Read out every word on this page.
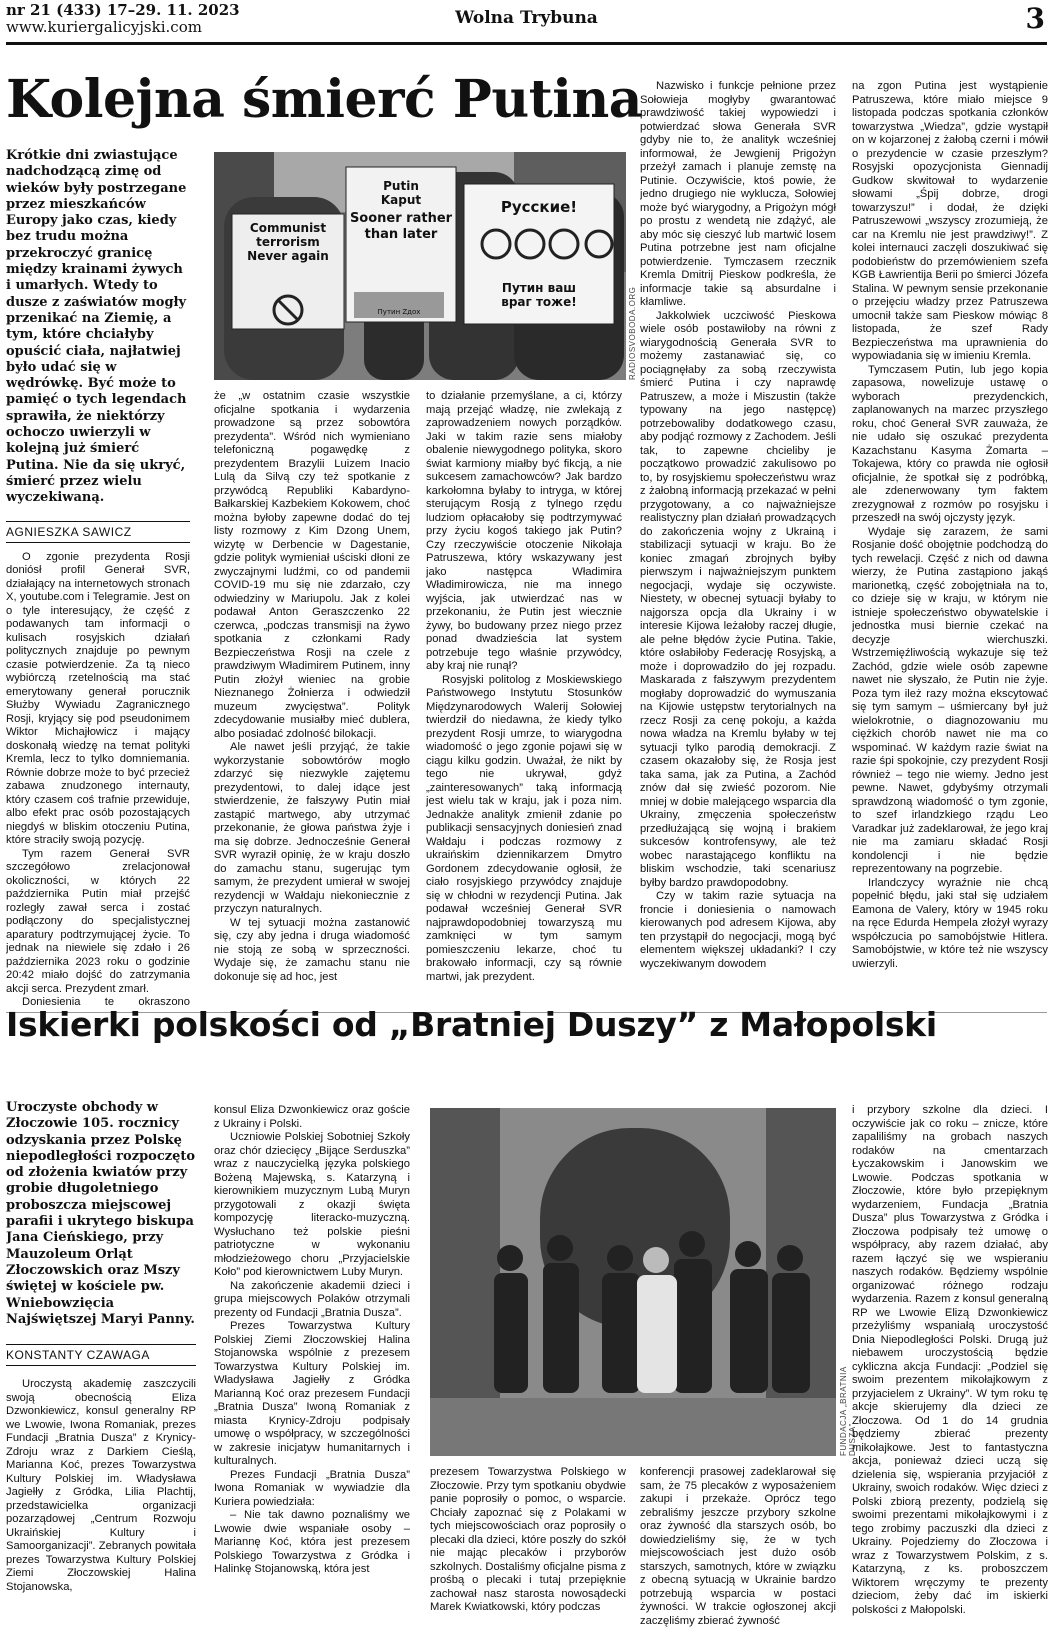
nr 21 (433) 17–29. 11. 2023
www.kuriergalicyjski.com	Wolna Trybuna	3
Kolejna śmierć Putina
Krótkie dni zwiastujące nadchodzącą zimę od wieków były postrzegane przez mieszkańców Europy jako czas, kiedy bez trudu można przekroczyć granicę między krainami żywych i umarłych. Wtedy to dusze z zaświatów mogły przenikać na Ziemię, a tym, które chciałyby opuścić ciała, najłatwiej było udać się w wędrówkę. Być może to pamięć o tych legendach sprawiła, że niektórzy ochoczo uwierzyli w kolejną już śmierć Putina. Nie da się ukryć, śmierć przez wielu wyczekiwaną.
AGNIESZKA SAWICZ

O zgonie prezydenta Rosji doniósł profil Generał SVR, działający na internetowych stronach X, youtube.com i Telegramie. Jest on o tyle interesujący, że część z podawanych tam informacji o kulisach rosyjskich działań politycznych znajduje po pewnym czasie potwierdzenie. Za tą nieco wybiórczą rzetelnością ma stać emerytowany generał porucznik Służby Wywiadu Zagranicznego Rosji, kryjący się pod pseudonimem Wiktor Michajłowicz i mający doskonałą wiedzę na temat polityki Kremla, lecz to tylko domniemania. Równie dobrze może to być przecież zabawa znudzonego internauty, który czasem coś trafnie przewiduje, albo efekt prac osób pozostających niegdyś w bliskim otoczeniu Putina, które straciły swoją pozycję.

Tym razem Generał SVR szczegółowo zrelacjonował okoliczności, w których 22 października Putin miał przejść rozległy zawał serca i zostać podłączony do specjalistycznej aparatury podtrzymującej życie. To jednak na niewiele się zdało i 26 października 2023 roku o godzinie 20:42 miało dojść do zatrzymania akcji serca. Prezydent zmarł.

Doniesienia te okraszono

Communist terrorism Never again
Putin Kaput Sooner rather than later
Русские!
Путин ваш враг тоже!
Путин Zдох	RADIOSVOBODA.ORG

że „w ostatnim czasie wszystkie oficjalne spotkania i wydarzenia prowadzone są przez sobowtóra prezydenta”. Wśród nich wymieniano telefoniczną pogawędkę z prezydentem Brazylii Luizem Inacio Lulą da Silvą czy też spotkanie z przywódcą Republiki Kabardyno-Bałkarskiej Kazbekiem Kokowem, choć można byłoby zapewne dodać do tej listy rozmowy z Kim Dzong Unem, wizytę w Derbencie w Dagestanie, gdzie polityk wymieniał uściski dłoni ze zwyczajnymi ludźmi, co od pandemii COVID-19 mu się nie zdarzało, czy odwiedziny w Mariupolu. Jak z kolei podawał Anton Geraszczenko 22 czerwca, „podczas transmisji na żywo spotkania z członkami Rady Bezpieczeństwa Rosji na czele z prawdziwym Władimirem Putinem, inny Putin złożył wieniec na grobie Nieznanego Żołnierza i odwiedził muzeum zwycięstwa”. Polityk zdecydowanie musiałby mieć dublera, albo posiadać zdolność bilokacji.

Ale nawet jeśli przyjąć, że takie wykorzystanie sobowtórów mogło zdarzyć się niezwykle zajętemu prezydentowi, to dalej idące jest stwierdzenie, że fałszywy Putin miał zastąpić martwego, aby utrzymać przekonanie, że głowa państwa żyje i ma się dobrze. Jednocześnie Generał SVR wyraził opinię, że w kraju doszło do zamachu stanu, sugerując tym samym, że prezydent umierał w swojej rezydencji w Wałdaju niekoniecznie z przyczyn naturalnych.

W tej sytuacji można zastanowić się, czy aby jedna i druga wiadomość nie stoją ze sobą w sprzeczności. Wydaje się, że zamachu stanu nie dokonuje się ad hoc, jest

to działanie przemyślane, a ci, którzy mają przejąć władzę, nie zwlekają z zaprowadzeniem nowych porządków. Jaki w takim razie sens miałoby obalenie niewygodnego polityka, skoro świat karmiony miałby być fikcją, a nie sukcesem zamachowców? Jak bardzo karkołomna byłaby to intryga, w której sterującym Rosją z tylnego rzędu ludziom opłacałoby się podtrzymywać przy życiu kogoś takiego jak Putin? Czy rzeczywiście otoczenie Nikołaja Patruszewa, który wskazywany jest jako następca Władimira Władimirowicza, nie ma innego wyjścia, jak utwierdzać nas w przekonaniu, że Putin jest wiecznie żywy, bo budowany przez niego przez ponad dwadzieścia lat system potrzebuje tego właśnie przywódcy, aby kraj nie runął?

Rosyjski politolog z Moskiewskiego Państwowego Instytutu Stosunków Międzynarodowych Walerij Sołowiej twierdził do niedawna, że kiedy tylko prezydent Rosji umrze, to wiarygodna wiadomość o jego zgonie pojawi się w ciągu kilku godzin. Uważał, że nikt by tego nie ukrywał, gdyż „zainteresowanych” taką informacją jest wielu tak w kraju, jak i poza nim. Jednakże analityk zmienił zdanie po publikacji sensacyjnych doniesień znad Wałdaju i podczas rozmowy z ukraińskim dziennikarzem Dmytro Gordonem zdecydowanie ogłosił, że ciało rosyjskiego przywódcy znajduje się w chłodni w rezydencji Putina. Jak podawał wcześniej Generał SVR najprawdopodobniej towarzyszą mu zamknięci w tym samym pomieszczeniu lekarze, choć tu brakowało informacji, czy są równie martwi, jak prezydent.

Nazwisko i funkcje pełnione przez Sołowieja mogłyby gwarantować prawdziwość takiej wypowiedzi i potwierdzać słowa Generała SVR gdyby nie to, że analityk wcześniej informował, że Jewgienij Prigożyn przeżył zamach i planuje zemstę na Putinie. Oczywiście, ktoś powie, że jedno drugiego nie wyklucza, Sołowiej może być wiarygodny, a Prigożyn mógł po prostu z wendetą nie zdążyć, ale aby móc się cieszyć lub martwić losem Putina potrzebne jest nam oficjalne potwierdzenie. Tymczasem rzecznik Kremla Dmitrij Pieskow podkreśla, że informacje takie są absurdalne i kłamliwe.

Jakkolwiek uczciwość Pieskowa wiele osób postawiłoby na równi z wiarygodnością Generała SVR to możemy zastanawiać się, co pociągnęłaby za sobą rzeczywista śmierć Putina i czy naprawdę Patruszew, a może i Miszustin (także typowany na jego następcę) potrzebowaliby dodatkowego czasu, aby podjąć rozmowy z Zachodem. Jeśli tak, to zapewne chcieliby je początkowo prowadzić zakulisowo po to, by rosyjskiemu społeczeństwu wraz z żałobną informacją przekazać w pełni przygotowany, a co najważniejsze realistyczny plan działań prowadzących do zakończenia wojny z Ukrainą i stabilizacji sytuacji w kraju. Bo że koniec zmagań zbrojnych byłby pierwszym i najważniejszym punktem negocjacji, wydaje się oczywiste. Niestety, w obecnej sytuacji byłaby to najgorsza opcja dla Ukrainy i w interesie Kijowa leżałoby raczej długie, ale pełne błędów życie Putina. Takie, które osłabiłoby Federację Rosyjską, a może i doprowadziło do jej rozpadu. Maskarada z fałszywym prezydentem mogłaby doprowadzić do wymuszania na Kijowie ustępstw terytorialnych na rzecz Rosji za cenę pokoju, a każda nowa władza na Kremlu byłaby w tej sytuacji tylko parodią demokracji. Z czasem okazałoby się, że Rosja jest taka sama, jak za Putina, a Zachód znów dał się zwieść pozorom. Nie mniej w dobie malejącego wsparcia dla Ukrainy, zmęczenia społeczeństw przedłużającą się wojną i brakiem sukcesów kontrofensywy, ale też wobec narastającego konfliktu na bliskim wschodzie, taki scenariusz byłby bardzo prawdopodobny.

Czy w takim razie sytuacja na froncie i doniesienia o namowach kierowanych pod adresem Kijowa, aby ten przystąpił do negocjacji, mogą być elementem większej układanki? I czy wyczekiwanym dowodem

na zgon Putina jest wystąpienie Patruszewa, które miało miejsce 9 listopada podczas spotkania członków towarzystwa „Wiedza”, gdzie wystąpił on w kojarzonej z żałobą czerni i mówił o prezydencie w czasie przeszłym? Rosyjski opozycjonista Giennadij Gudkow skwitował to wydarzenie słowami „Śpij dobrze, drogi towarzyszu!” i dodał, że dzięki Patruszewowi „wszyscy zrozumieją, że car na Kremlu nie jest prawdziwy!”. Z kolei internauci zaczęli doszukiwać się podobieństw do przemówieniem szefa KGB Ławrientija Berii po śmierci Józefa Stalina. W pewnym sensie przekonanie o przejęciu władzy przez Patruszewa umocnił także sam Pieskow mówiąc 8 listopada, że szef Rady Bezpieczeństwa ma uprawnienia do wypowiadania się w imieniu Kremla.

Tymczasem Putin, lub jego kopia zapasowa, nowelizuje ustawę o wyborach prezydenckich, zaplanowanych na marzec przyszłego roku, choć Generał SVR zauważa, że nie udało się oszukać prezydenta Kazachstanu Kasyma Żomarta – Tokajewa, który co prawda nie ogłosił oficjalnie, że spotkał się z podróbką, ale zdenerwowany tym faktem zrezygnował z rozmów po rosyjsku i przeszedł na swój ojczysty język.

Wydaje się zarazem, że sami Rosjanie dość obojętnie podchodzą do tych rewelacji. Część z nich od dawna wierzy, że Putina zastąpiono jakąś marionetką, część zobojętniała na to, co dzieje się w kraju, w którym nie istnieje społeczeństwo obywatelskie i jednostka musi biernie czekać na decyzje wierchuszki. Wstrzemięźliwością wykazuje się też Zachód, gdzie wiele osób zapewne nawet nie słyszało, że Putin nie żyje. Poza tym ileż razy można ekscytować się tym samym – uśmiercany był już wielokrotnie, o diagnozowaniu mu ciężkich chorób nawet nie ma co wspominać. W każdym razie świat na razie śpi spokojnie, czy prezydent Rosji również – tego nie wiemy. Jedno jest pewne. Nawet, gdybyśmy otrzymali sprawdzoną wiadomość o tym zgonie, to szef irlandzkiego rządu Leo Varadkar już zadeklarował, że jego kraj nie ma zamiaru składać Rosji kondolencji i nie będzie reprezentowany na pogrzebie.

Irlandczycy wyraźnie nie chcą popełnić błędu, jaki stał się udziałem Eamona de Valery, który w 1945 roku na ręce Edurda Hempela złożył wyrazy współczucia po samobójstwie Hitlera. Samobójstwie, w które też nie wszyscy uwierzyli.

Iskierki polskości od „Bratniej Duszy” z Małopolski
Uroczyste obchody w Złoczowie 105. rocznicy odzyskania przez Polskę niepodległości rozpoczęto od złożenia kwiatów przy grobie długoletniego proboszcza miejscowej parafii i ukrytego biskupa Jana Cieńskiego, przy Mauzoleum Orląt Złoczowskich oraz Mszy świętej w kościele pw. Wniebowzięcia Najświętszej Maryi Panny.
KONSTANTY CZAWAGA

Uroczystą akademię zaszczycili swoją obecnością Eliza Dzwonkiewicz, konsul generalny RP we Lwowie, Iwona Romaniak, prezes Fundacji „Bratnia Dusza” z Krynicy-Zdroju wraz z Darkiem Cieślą, Marianna Koć, prezes Towarzystwa Kultury Polskiej im. Władysława Jagiełły z Gródka, Lilia Plachtij, przedstawicielka organizacji pozarządowej „Centrum Rozwoju Ukraińskiej Kultury i Samoorganizacji”. Zebranych powitała prezes Towarzystwa Kultury Polskiej Ziemi Złoczowskiej Halina Stojanowska,

konsul Eliza Dzwonkiewicz oraz goście z Ukrainy i Polski.

Uczniowie Polskiej Sobotniej Szkoły oraz chór dziecięcy „Bijące Serduszka” wraz z nauczycielką języka polskiego Bożeną Majewską, s. Katarzyną i kierownikiem muzycznym Lubą Muryn przygotowali z okazji święta kompozycję literacko-muzyczną. Wysłuchano też polskie pieśni patriotyczne w wykonaniu młodzieżowego choru „Przyjacielskie Koło” pod kierownictwem Luby Muryn.

Na zakończenie akademii dzieci i grupa miejscowych Polaków otrzymali prezenty od Fundacji „Bratnia Dusza”.

Prezes Towarzystwa Kultury Polskiej Ziemi Złoczowskiej Halina Stojanowska wspólnie z prezesem Towarzystwa Kultury Polskiej im. Władysława Jagiełły z Gródka Marianną Koć oraz prezesem Fundacji „Bratnia Dusza” Iwoną Romaniak z miasta Krynicy-Zdroju podpisały umowę o współpracy, w szczególności w zakresie inicjatyw humanitarnych i kulturalnych.

Prezes Fundacji „Bratnia Dusza” Iwona Romaniak w wywiadzie dla Kuriera powiedziała:

– Nie tak dawno poznaliśmy we Lwowie dwie wspaniałe osoby – Mariannę Koć, która jest prezesem Polskiego Towarzystwa z Gródka i Halinkę Stojanowską, która jest

FUNDACJA „BRATNIA DUSZA”

prezesem Towarzystwa Polskiego w Złoczowie. Przy tym spotkaniu obydwie panie poprosiły o pomoc, o wsparcie. Chciały zapoznać się z Polakami w tych miejscowościach oraz poprosiły o plecaki dla dzieci, które poszły do szkół nie mając plecaków i przyborów szkolnych. Dostaliśmy oficjalne pisma z prośbą o plecaki i tutaj przepięknie zachował nasz starosta nowosądecki Marek Kwiatkowski, który podczas

konferencji prasowej zadeklarował się sam, że 75 plecaków z wyposażeniem zakupi i przekaże. Oprócz tego zebraliśmy jeszcze przybory szkolne oraz żywność dla starszych osób, bo dowiedzieliśmy się, że w tych miejscowościach jest dużo osób starszych, samotnych, które w związku z obecną sytuacją w Ukrainie bardzo potrzebują wsparcia w postaci żywności. W trakcie ogłoszonej akcji zaczęliśmy zbierać żywność

i przybory szkolne dla dzieci. I oczywiście jak co roku – znicze, które zapaliliśmy na grobach naszych rodaków na cmentarzach Łyczakowskim i Janowskim we Lwowie. Podczas spotkania w Złoczowie, które było przepięknym wydarzeniem, Fundacja „Bratnia Dusza” plus Towarzystwa z Gródka i Złoczowa podpisały też umowę o współpracy, aby razem działać, aby razem łączyć się we wspieraniu naszych rodaków. Będziemy wspólnie organizować różnego rodzaju wydarzenia. Razem z konsul generalną RP we Lwowie Elizą Dzwonkiewicz przeżyliśmy wspaniałą uroczystość Dnia Niepodległości Polski. Drugą już niebawem uroczystością będzie cykliczna akcja Fundacji: „Podziel się swoim prezentem mikołajkowym z przyjacielem z Ukrainy”. W tym roku tę akcje skierujemy dla dzieci ze Złoczowa. Od 1 do 14 grudnia będziemy zbierać prezenty mikołajkowe. Jest to fantastyczna akcja, ponieważ dzieci uczą się dzielenia się, wspierania przyjaciół z Ukrainy, swoich rodaków. Więc dzieci z Polski zbiorą prezenty, podzielą się swoimi prezentami mikołajkowymi i z tego zrobimy paczuszki dla dzieci z Ukrainy. Pojedziemy do Złoczowa i wraz z Towarzystwem Polskim, z s. Katarzyną, z ks. proboszczem Wiktorem wręczymy te prezenty dzieciom, żeby dać im iskierki polskości z Małopolski.
